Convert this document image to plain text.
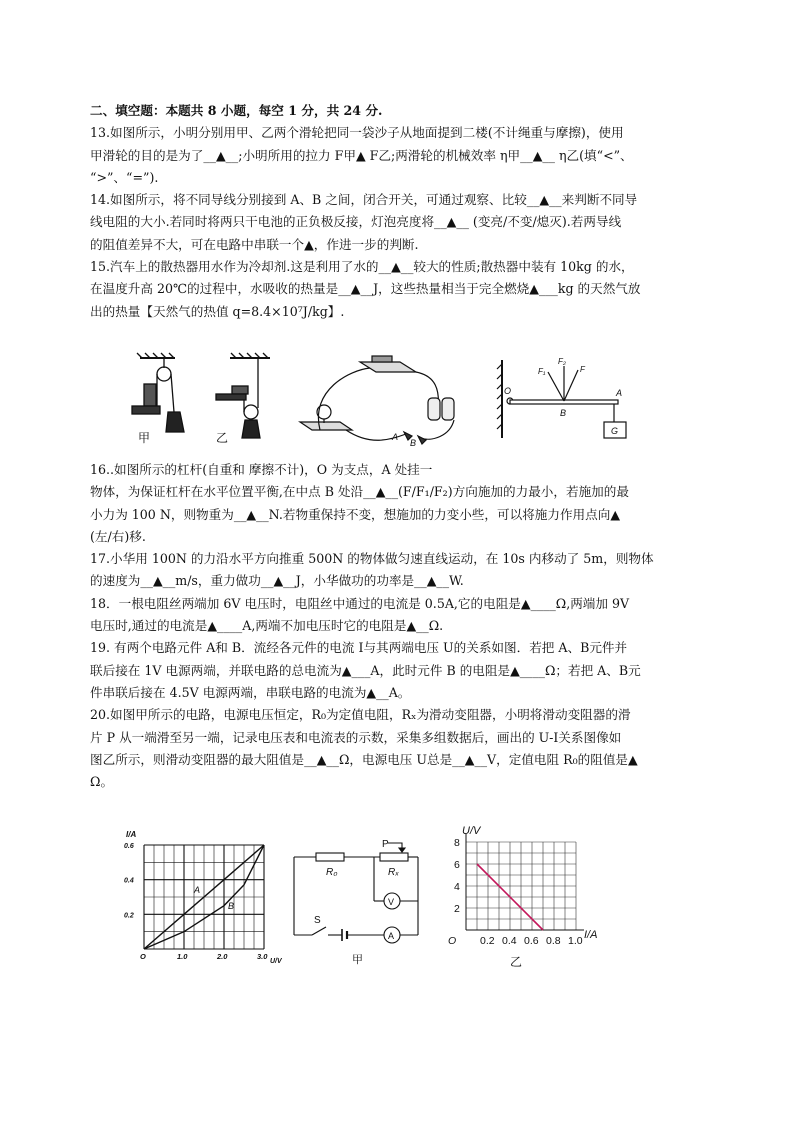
二、填空题：本题共 8 小题，每空 1 分，共 24 分.

13.如图所示，小明分别用甲、乙两个滑轮把同一袋沙子从地面提到二楼(不计绳重与摩擦)，使用

甲滑轮的目的是为了__▲__;小明所用的拉力 F甲▲ F乙;两滑轮的机械效率 η甲__▲__ η乙(填“<”、

“>”、“=”).

14.如图所示，将不同导线分别接到 A、B 之间，闭合开关，可通过观察、比较__▲__来判断不同导

线电阻的大小.若同时将两只干电池的正负极反接，灯泡亮度将__▲__ (变亮/不变/熄灭).若两导线

的阻值差异不大，可在电路中串联一个▲，作进一步的判断.

15.汽车上的散热器用水作为冷却剂.这是利用了水的__▲__较大的性质;散热器中装有 10kg 的水，

在温度升高 20℃的过程中，水吸收的热量是__▲__J，这些热量相当于完全燃烧▲___kg 的天然气放

出的热量【天然气的热值 q=8.4×10⁷J/kg】.

甲	乙	A
B
O	A
B
G
F₁
F₂
F

16..如图所示的杠杆(自重和 摩擦不计)，O 为支点，A 处挂一

物体，为保证杠杆在水平位置平衡,在中点 B 处沿__▲__(F/F₁/F₂)方向施加的力最小，若施加的最

小力为 100 N，则物重为__▲__N.若物重保持不变，想施加的力变小些，可以将施力作用点向▲

(左/右)移.

17.小华用 100N 的力沿水平方向推重 500N 的物体做匀速直线运动，在 10s 内移动了 5m，则物体

的速度为__▲__m/s，重力做功__▲__J，小华做功的功率是__▲__W.

18．一根电阻丝两端加 6V 电压时，电阻丝中通过的电流是 0.5A,它的电阻是▲____Ω,两端加 9V

电压时,通过的电流是▲____A,两端不加电压时它的电阻是▲__Ω.

19. 有两个电路元件 A和 B．流经各元件的电流 I与其两端电压 U的关系如图．若把 A、B元件并

联后接在 1V 电源两端，并联电路的总电流为▲___A，此时元件 B 的电阻是▲____Ω；若把 A、B元

件串联后接在 4.5V 电源两端，串联电路的电流为▲__A。

20.如图甲所示的电路，电源电压恒定，R₀为定值电阻，Rₓ为滑动变阻器，小明将滑动变阻器的滑

片 P 从一端滑至另一端，记录电压表和电流表的示数，采集多组数据后，画出的 U-I关系图像如

图乙所示，则滑动变阻器的最大阻值是__▲__Ω，电源电压 U总是__▲__V，定值电阻 R₀的阻值是▲

Ω。

O	1.0	2.0	3.0
0.2
0.4
0.6
I/A
U/V
A
B
R₀	Rₓ
P
S
V
A
甲
O 0.2 0.4 0.6 0.8 1.0
2
4
6
8
U/V
I/A
乙
